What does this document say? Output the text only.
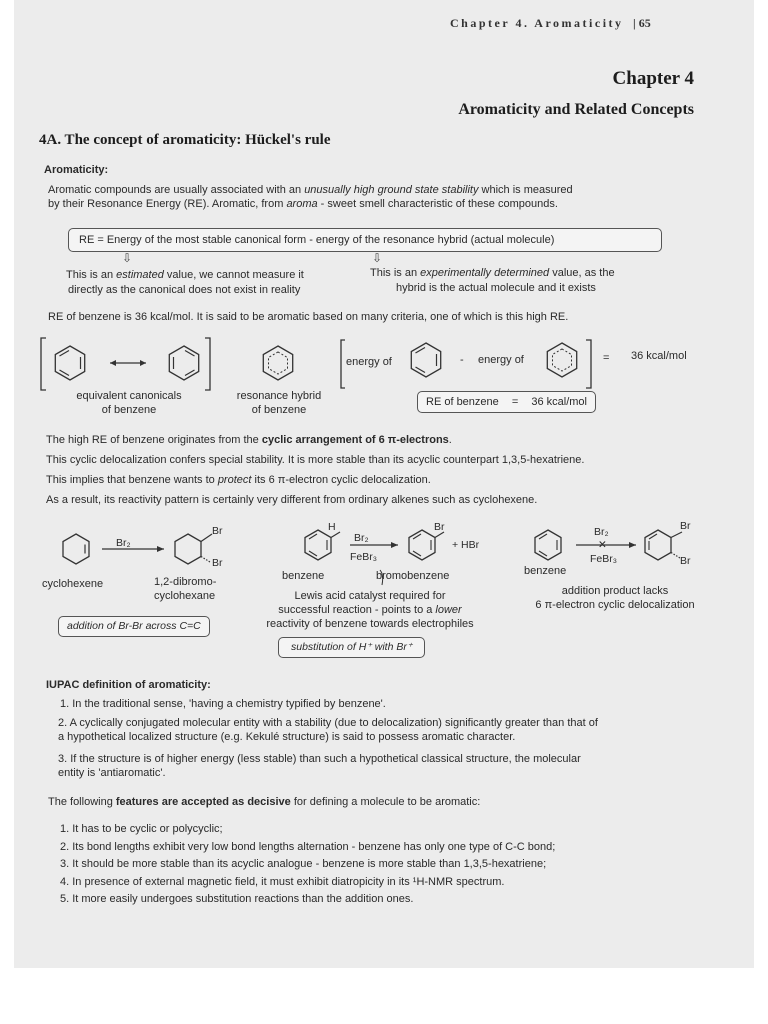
Chapter 4. Aromaticity | 65
Chapter 4
Aromaticity and Related Concepts
4A. The concept of aromaticity: Hückel's rule
Aromaticity:
Aromatic compounds are usually associated with an unusually high ground state stability which is measured
by their Resonance Energy (RE). Aromatic, from aroma - sweet smell characteristic of these compounds.
RE = Energy of the most stable canonical form - energy of the resonance hybrid (actual molecule)
⇩	⇩
This is an estimated value, we cannot measure it
directly as the canonical does not exist in reality
This is an experimentally determined value, as the
hybrid is the actual molecule and it exists
RE of benzene is 36 kcal/mol. It is said to be aromatic based on many criteria, one of which is this high RE.
energy of	- energy of	= 36 kcal/mol
equivalent canonicals
of benzene
resonance hybrid
of benzene
RE of benzene = 36 kcal/mol
The high RE of benzene originates from the cyclic arrangement of 6 π-electrons.
This cyclic delocalization confers special stability. It is more stable than its acyclic counterpart 1,3,5-hexatriene.
This implies that benzene wants to protect its 6 π-electron cyclic delocalization.
As a result, its reactivity pattern is certainly very different from ordinary alkenes such as cyclohexene.
Br₂
Br
Br
H
Br₂
FeBr₃
Br
+ HBr
Br₂
✕
FeBr₃
Br
Br
cyclohexene	1,2-dibromo-
cyclohexane
benzene	bromobenzene	benzene
Lewis acid catalyst required for
successful reaction - points to a lower
reactivity of benzene towards electrophiles
addition product lacks
6 π-electron cyclic delocalization
addition of Br-Br across C=C
substitution of H⁺ with Br⁺
IUPAC definition of aromaticity:
1. In the traditional sense, 'having a chemistry typified by benzene'.
2. A cyclically conjugated molecular entity with a stability (due to delocalization) significantly greater than that of
a hypothetical localized structure (e.g. Kekulé structure) is said to possess aromatic character.
3. If the structure is of higher energy (less stable) than such a hypothetical classical structure, the molecular
entity is 'antiaromatic'.
The following features are accepted as decisive for defining a molecule to be aromatic:
1. It has to be cyclic or polycyclic;
2. Its bond lengths exhibit very low bond lengths alternation - benzene has only one type of C-C bond;
3. It should be more stable than its acyclic analogue - benzene is more stable than 1,3,5-hexatriene;
4. In presence of external magnetic field, it must exhibit diatropicity in its ¹H-NMR spectrum.
5. It more easily undergoes substitution reactions than the addition ones.
